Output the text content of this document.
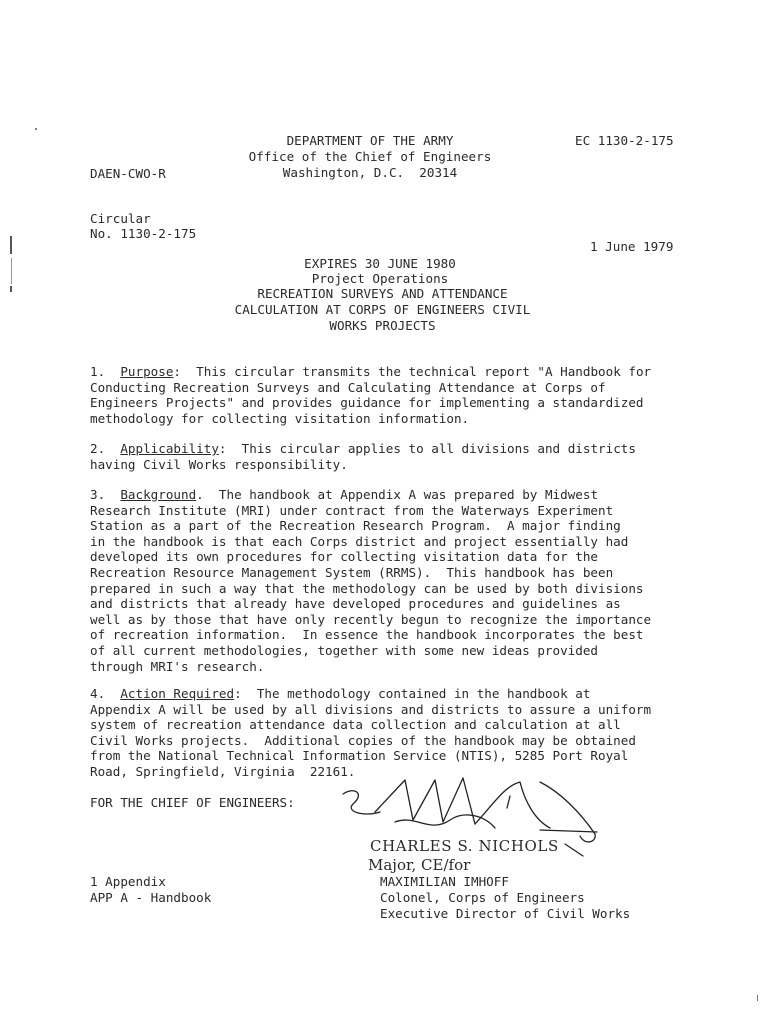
DEPARTMENT OF THE ARMY
Office of the Chief of Engineers
Washington, D.C.  20314
EC 1130-2-175
DAEN-CWO-R
Circular
No. 1130-2-175
1 June 1979
EXPIRES 30 JUNE 1980
Project Operations
RECREATION SURVEYS AND ATTENDANCE
CALCULATION AT CORPS OF ENGINEERS CIVIL
WORKS PROJECTS
1. Purpose:  This circular transmits the technical report "A Handbook for
Conducting Recreation Surveys and Calculating Attendance at Corps of
Engineers Projects" and provides guidance for implementing a standardized
methodology for collecting visitation information.
2. Applicability:  This circular applies to all divisions and districts
having Civil Works responsibility.
3. Background.  The handbook at Appendix A was prepared by Midwest
Research Institute (MRI) under contract from the Waterways Experiment
Station as a part of the Recreation Research Program.  A major finding
in the handbook is that each Corps district and project essentially had
developed its own procedures for collecting visitation data for the
Recreation Resource Management System (RRMS).  This handbook has been
prepared in such a way that the methodology can be used by both divisions
and districts that already have developed procedures and guidelines as
well as by those that have only recently begun to recognize the importance
of recreation information.  In essence the handbook incorporates the best
of all current methodologies, together with some new ideas provided
through MRI's research.
4. Action Required:  The methodology contained in the handbook at
Appendix A will be used by all divisions and districts to assure a uniform
system of recreation attendance data collection and calculation at all
Civil Works projects.  Additional copies of the handbook may be obtained
from the National Technical Information Service (NTIS), 5285 Port Royal
Road, Springfield, Virginia  22161.
FOR THE CHIEF OF ENGINEERS:
CHARLES S. NICHOLS
Major, CE/for
1 Appendix
APP A - Handbook
MAXIMILIAN IMHOFF
Colonel, Corps of Engineers
Executive Director of Civil Works
